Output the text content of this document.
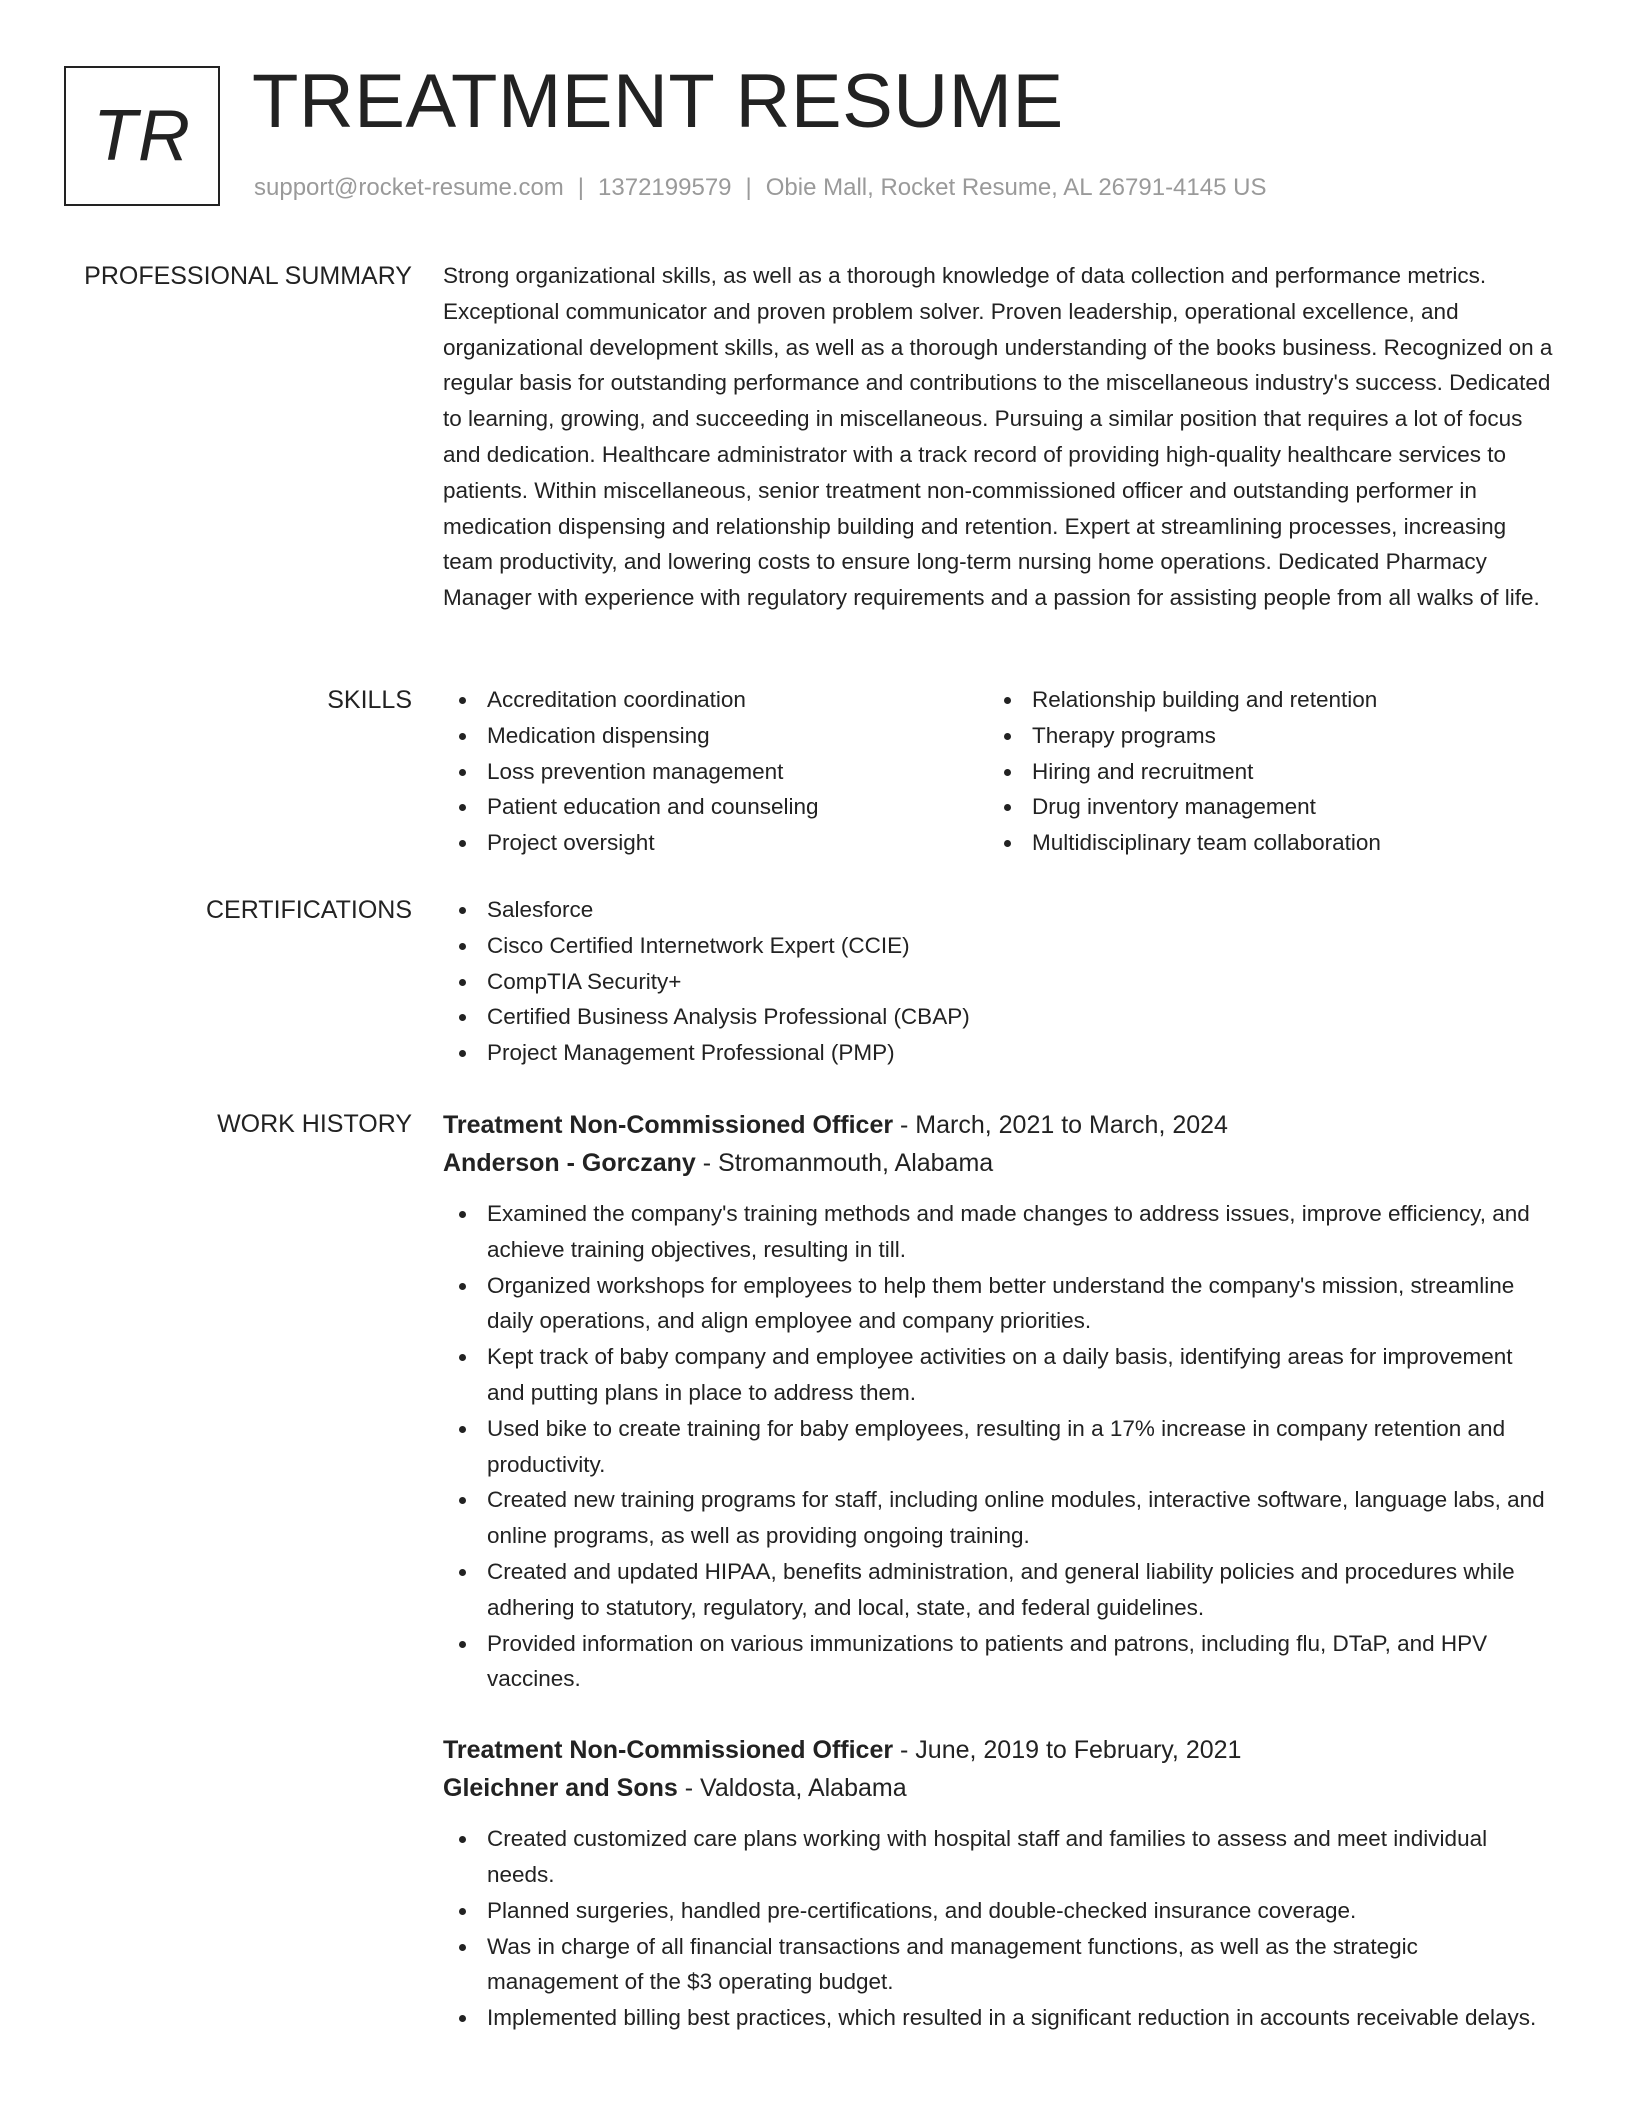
TR TREATMENT RESUME
support@rocket-resume.com | 1372199579 | Obie Mall, Rocket Resume, AL 26791-4145 US
PROFESSIONAL SUMMARY Strong organizational skills, as well as a thorough knowledge of data collection and performance metrics. Exceptional communicator and proven problem solver. Proven leadership, operational excellence, and organizational development skills, as well as a thorough understanding of the books business. Recognized on a regular basis for outstanding performance and contributions to the miscellaneous industry's success. Dedicated to learning, growing, and succeeding in miscellaneous. Pursuing a similar position that requires a lot of focus and dedication. Healthcare administrator with a track record of providing high-quality healthcare services to patients. Within miscellaneous, senior treatment non-commissioned officer and outstanding performer in medication dispensing and relationship building and retention. Expert at streamlining processes, increasing team productivity, and lowering costs to ensure long-term nursing home operations. Dedicated Pharmacy Manager with experience with regulatory requirements and a passion for assisting people from all walks of life.

SKILLS	Accreditation coordination
Medication dispensing
Loss prevention management
Patient education and counseling
Project oversight
Relationship building and retention
Therapy programs
Hiring and recruitment
Drug inventory management
Multidisciplinary team collaboration
CERTIFICATIONS	Salesforce
Cisco Certified Internetwork Expert (CCIE)
CompTIA Security+
Certified Business Analysis Professional (CBAP)
Project Management Professional (PMP)
WORK HISTORY Treatment Non-Commissioned Officer - March, 2021 to March, 2024
Anderson - Gorczany - Stromanmouth, Alabama
Examined the company's training methods and made changes to address issues, improve efficiency, and achieve training objectives, resulting in till.
Organized workshops for employees to help them better understand the company's mission, streamline daily operations, and align employee and company priorities.
Kept track of baby company and employee activities on a daily basis, identifying areas for improvement and putting plans in place to address them.
Used bike to create training for baby employees, resulting in a 17% increase in company retention and productivity.
Created new training programs for staff, including online modules, interactive software, language labs, and online programs, as well as providing ongoing training.
Created and updated HIPAA, benefits administration, and general liability policies and procedures while adhering to statutory, regulatory, and local, state, and federal guidelines.
Provided information on various immunizations to patients and patrons, including flu, DTaP, and HPV vaccines.
Treatment Non-Commissioned Officer - June, 2019 to February, 2021
Gleichner and Sons - Valdosta, Alabama
Created customized care plans working with hospital staff and families to assess and meet individual needs.
Planned surgeries, handled pre-certifications, and double-checked insurance coverage.
Was in charge of all financial transactions and management functions, as well as the strategic management of the $3 operating budget.
Implemented billing best practices, which resulted in a significant reduction in accounts receivable delays.
